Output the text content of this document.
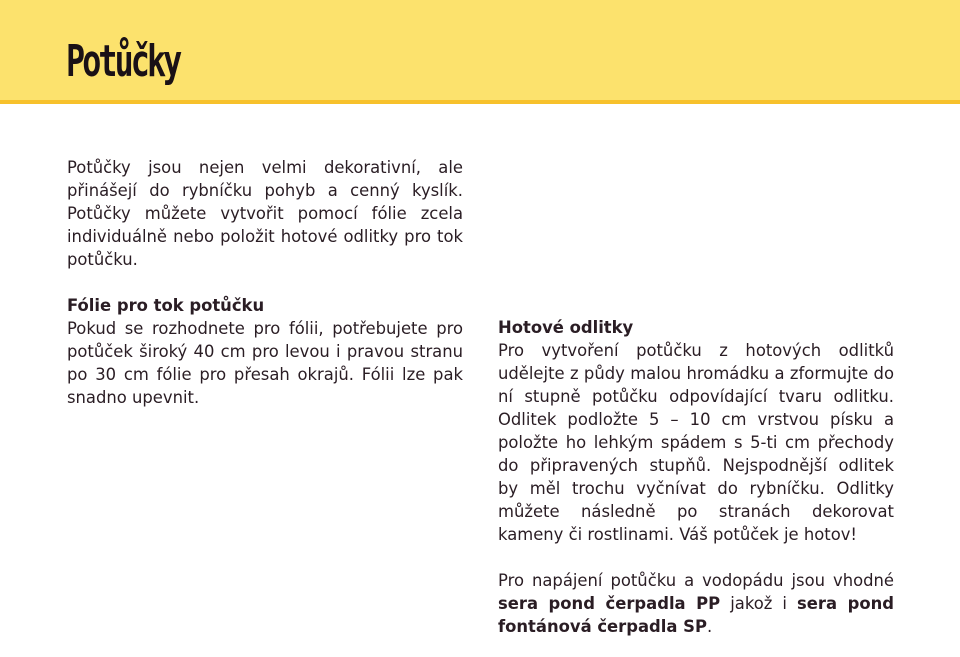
Potůčky

Potůčky jsou nejen velmi dekorativní, ale přinášejí do rybníčku pohyb a cenný kyslík. Potůčky můžete vytvořit pomocí fólie zcela individuálně nebo položit hotové odlitky pro tok potůčku.

Fólie pro tok potůčku
Pokud se rozhodnete pro fólii, potřebujete pro potůček široký 40 cm pro levou i pravou stranu po 30 cm fólie pro přesah okrajů. Fólii lze pak snadno upevnit.

Hotové odlitky
Pro vytvoření potůčku z hotových odlitků udělejte z půdy malou hromádku a zformujte do ní stupně potůčku odpovídající tvaru odlitku. Odlitek podložte 5 – 10 cm vrstvou písku a položte ho lehkým spádem s 5-ti cm přechody do připravených stupňů. Nejspodnější odlitek by měl trochu vyčnívat do rybníčku. Odlitky můžete následně po stranách dekorovat kameny či rostlinami. Váš potůček je hotov!

Pro napájení potůčku a vodopádu jsou vhodné sera pond čerpadla PP jakož i sera pond fontánová čerpadla SP.
